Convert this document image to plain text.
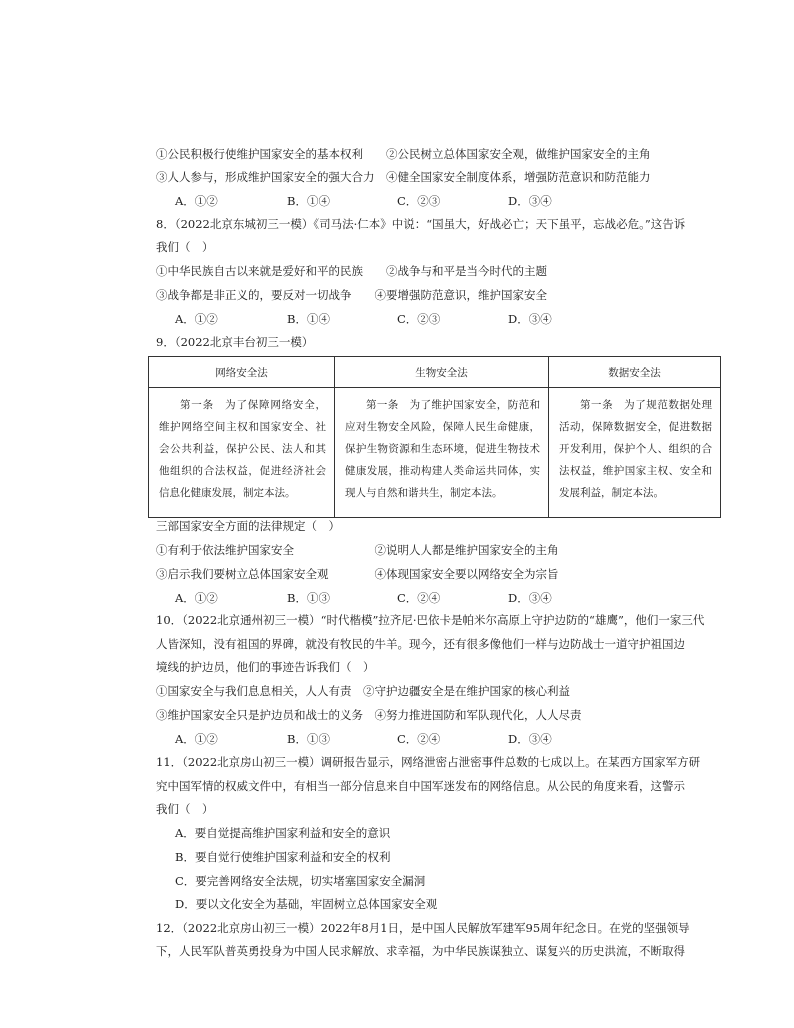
①公民积极行使维护国家安全的基本权利　　②公民树立总体国家安全观，做维护国家安全的主角
③人人参与，形成维护国家安全的强大合力　④健全国家安全制度体系，增强防范意识和防范能力
A．①②	B．①④	C．②③	D．③④
8．（2022北京东城初三一模）《司马法·仁本》中说：“国虽大，好战必亡；天下虽平，忘战必危。”这告诉
我们（　）
①中华民族自古以来就是爱好和平的民族　　②战争与和平是当今时代的主题
③战争都是非正义的，要反对一切战争　　④要增强防范意识，维护国家安全
A．①②	B．①④	C．②③	D．③④
9．（2022北京丰台初三一模）
网络安全法	生物安全法	数据安全法

第一条　为了保障网络安全，维护网络空间主权和国家安全、社会公共利益，保护公民、法人和其他组织的合法权益，促进经济社会信息化健康发展，制定本法。	第一条　为了维护国家安全，防范和应对生物安全风险，保障人民生命健康，保护生物资源和生态环境，促进生物技术健康发展，推动构建人类命运共同体，实现人与自然和谐共生，制定本法。	第一条　为了规范数据处理活动，保障数据安全，促进数据开发利用，保护个人、组织的合法权益，维护国家主权、安全和发展利益，制定本法。
三部国家安全方面的法律规定（　）
①有利于依法维护国家安全　　　　　　　②说明人人都是维护国家安全的主角
③启示我们要树立总体国家安全观　　　　④体现国家安全要以网络安全为宗旨
A．①②	B．①③	C．②④	D．③④
10．（2022北京通州初三一模）“时代楷模”拉齐尼·巴依卡是帕米尔高原上守护边防的“雄鹰”，他们一家三代
人皆深知，没有祖国的界碑，就没有牧民的牛羊。现今，还有很多像他们一样与边防战士一道守护祖国边
境线的护边员，他们的事迹告诉我们（　）
①国家安全与我们息息相关，人人有责　②守护边疆安全是在维护国家的核心利益
③维护国家安全只是护边员和战士的义务　④努力推进国防和军队现代化，人人尽责
A．①②	B．①③	C．②④	D．③④
11．（2022北京房山初三一模）调研报告显示，网络泄密占泄密事件总数的七成以上。在某西方国家军方研
究中国军情的权威文件中，有相当一部分信息来自中国军迷发布的网络信息。从公民的角度来看，这警示
我们（　）
A．要自觉提高维护国家利益和安全的意识
B．要自觉行使维护国家利益和安全的权利
C．要完善网络安全法规，切实堵塞国家安全漏洞
D．要以文化安全为基础，牢固树立总体国家安全观
12．（2022北京房山初三一模）2022年8月1日，是中国人民解放军建军95周年纪念日。在党的坚强领导
下，人民军队普英勇投身为中国人民求解放、求幸福，为中华民族谋独立、谋复兴的历史洪流，不断取得
